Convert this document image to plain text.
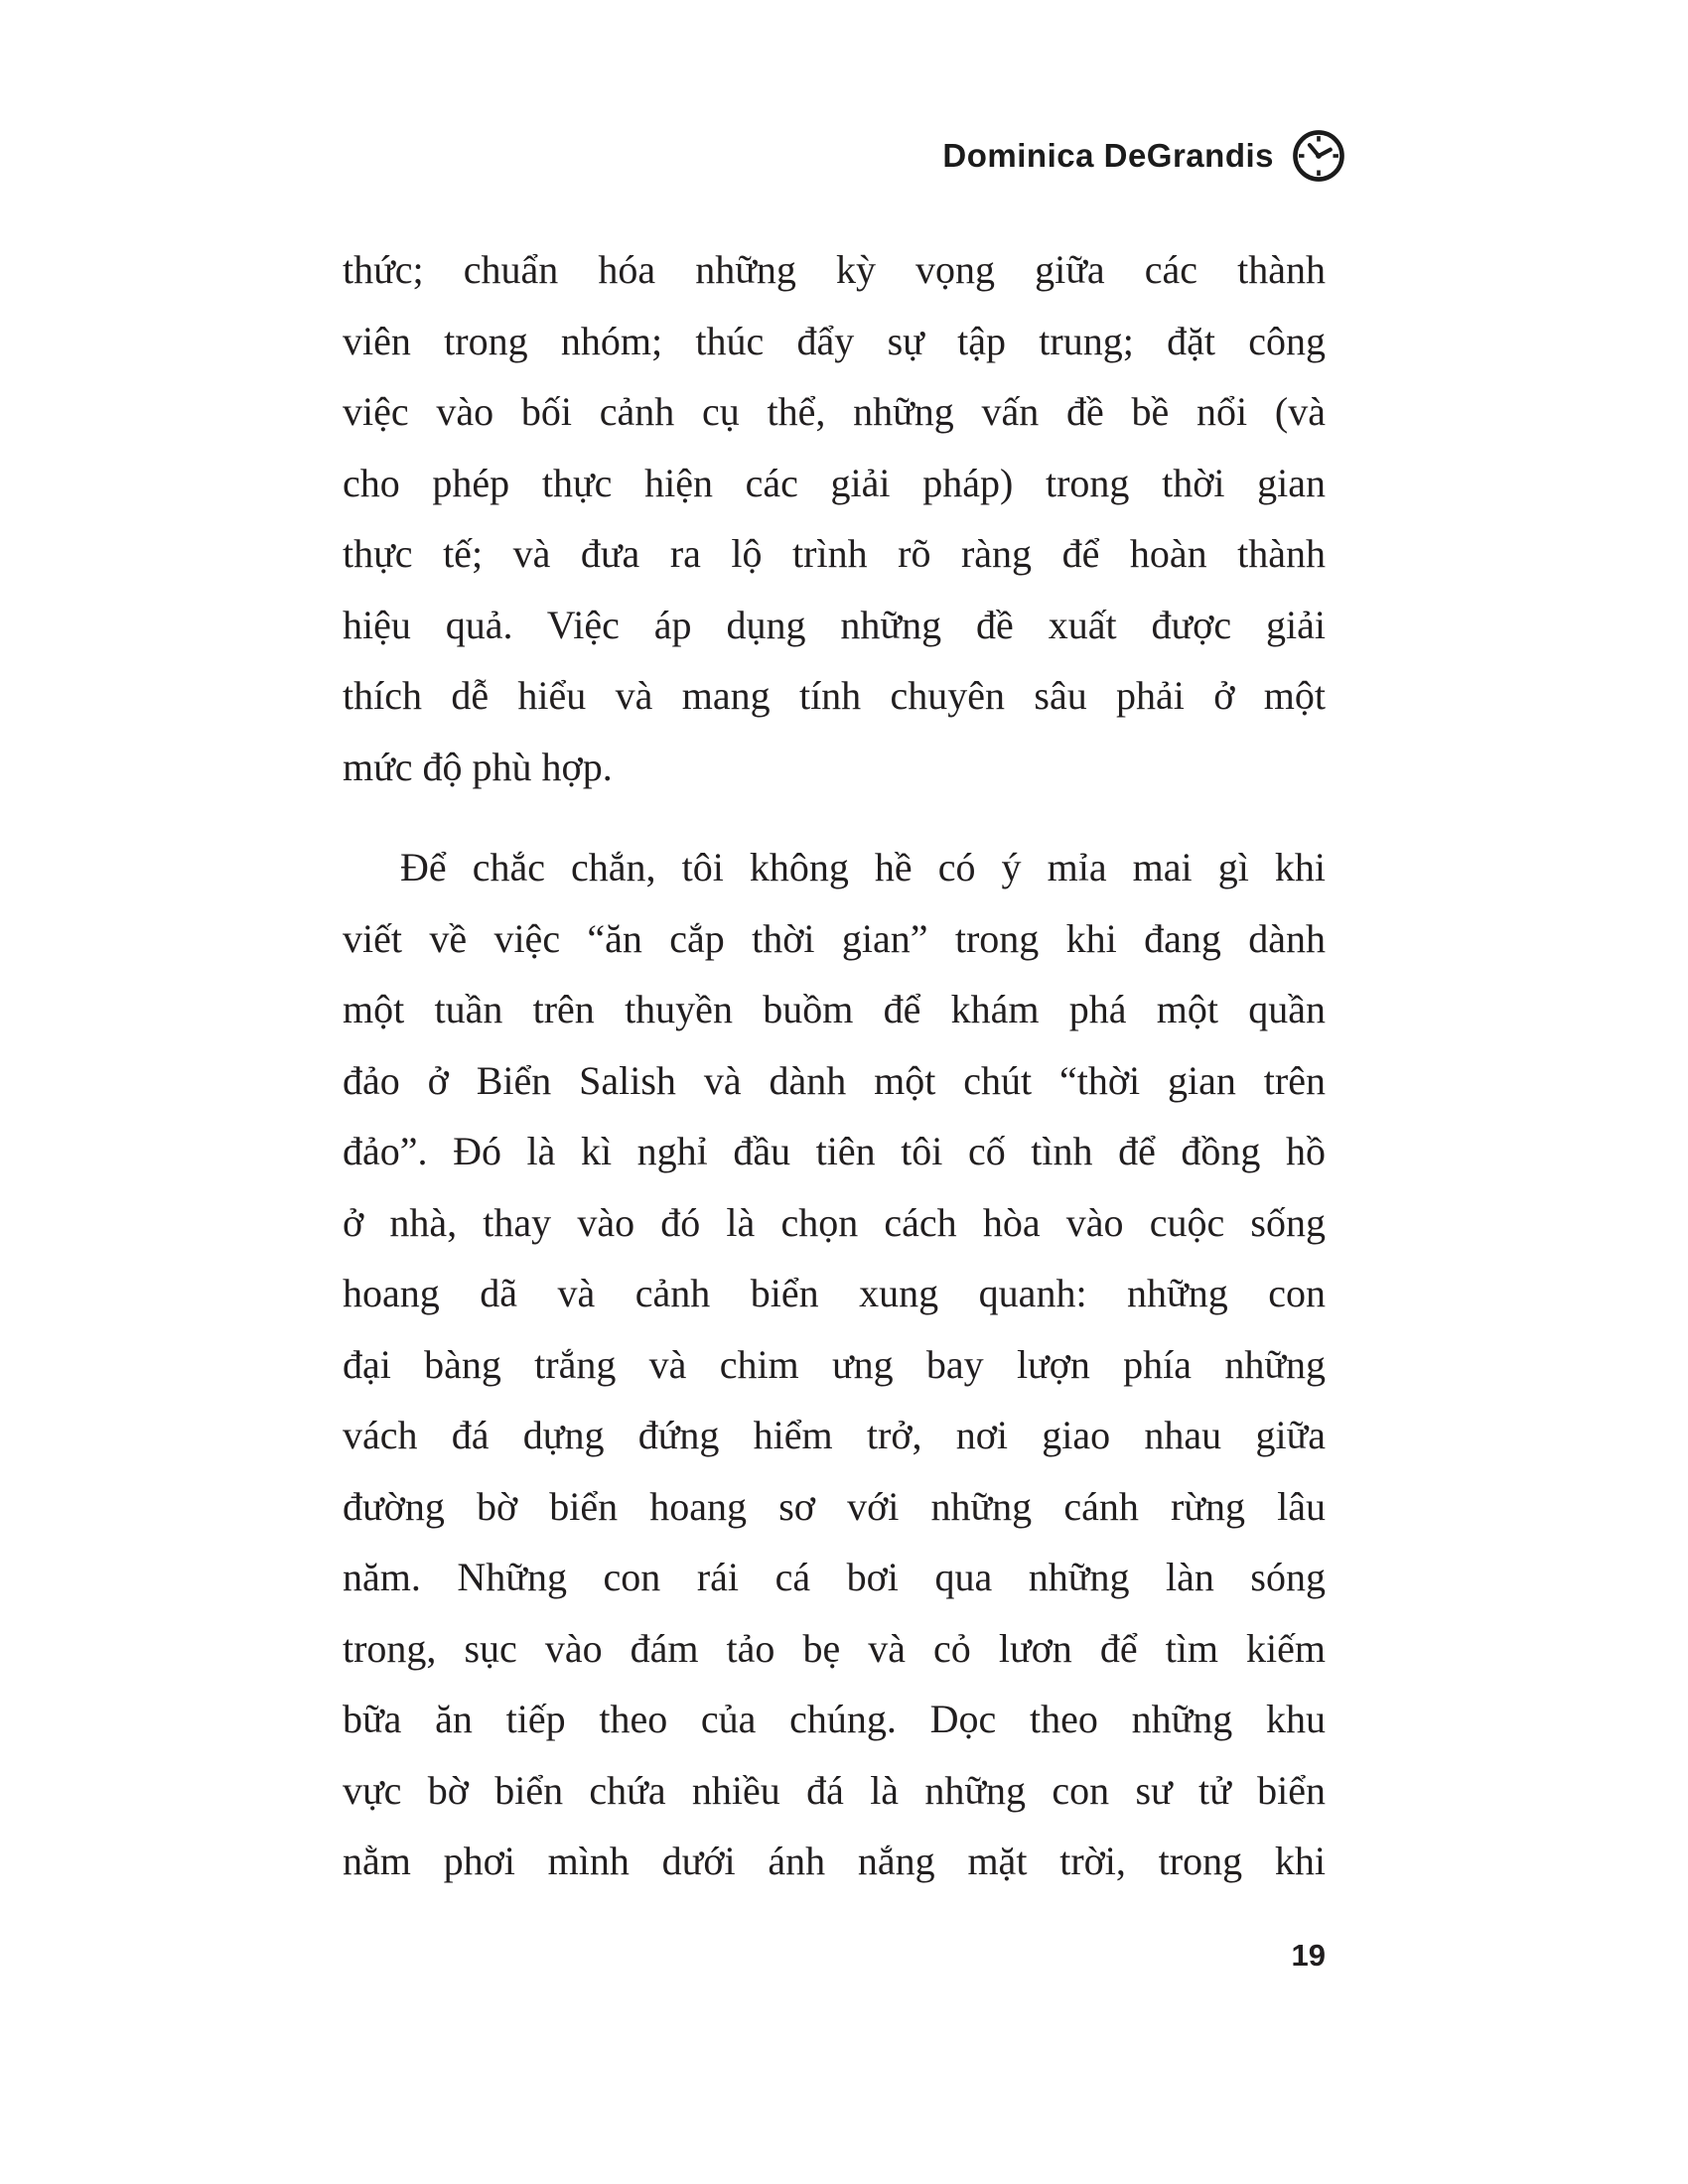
Dominica DeGrandis
thức; chuẩn hóa những kỳ vọng giữa các thành
viên trong nhóm; thúc đẩy sự tập trung; đặt công
việc vào bối cảnh cụ thể, những vấn đề bề nổi (và
cho phép thực hiện các giải pháp) trong thời gian
thực tế; và đưa ra lộ trình rõ ràng để hoàn thành
hiệu quả. Việc áp dụng những đề xuất được giải
thích dễ hiểu và mang tính chuyên sâu phải ở một
mức độ phù hợp.
Để chắc chắn, tôi không hề có ý mỉa mai gì khi
viết về việc “ăn cắp thời gian” trong khi đang dành
một tuần trên thuyền buồm để khám phá một quần
đảo ở Biển Salish và dành một chút “thời gian trên
đảo”. Đó là kì nghỉ đầu tiên tôi cố tình để đồng hồ
ở nhà, thay vào đó là chọn cách hòa vào cuộc sống
hoang dã và cảnh biển xung quanh: những con
đại bàng trắng và chim ưng bay lượn phía những
vách đá dựng đứng hiểm trở, nơi giao nhau giữa
đường bờ biển hoang sơ với những cánh rừng lâu
năm. Những con rái cá bơi qua những làn sóng
trong, sục vào đám tảo bẹ và cỏ lươn để tìm kiếm
bữa ăn tiếp theo của chúng. Dọc theo những khu
vực bờ biển chứa nhiều đá là những con sư tử biển
nằm phơi mình dưới ánh nắng mặt trời, trong khi
19
